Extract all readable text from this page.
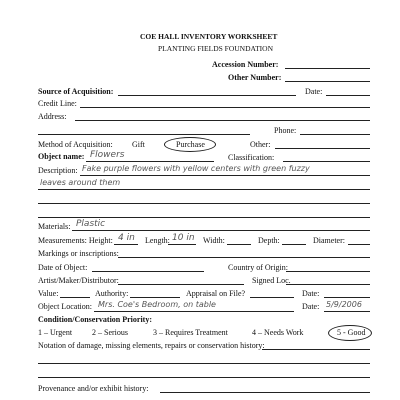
COE HALL INVENTORY WORKSHEET
PLANTING FIELDS FOUNDATION
Accession Number:
Other Number:
Source of Acquisition:	Date:
Credit Line:
Address:
Phone:
Method of Acquisition: Gift	Purchase	Other:
Object name: Flowers	Classification:
Description: Fake purple flowers with yellow centers with green fuzzy
leaves around them
Materials: Plastic
Measurements: Height: 4 in Length: 10 in Width:	Depth:	Diameter:
Markings or inscriptions:
Date of Object:	Country of Origin:
Artist/Maker/Distributor:	Signed Loc.
Value:	Authority:	Appraisal on File?	Date:
Object Location: Mrs. Coe's Bedroom, on table	Date: 5/9/2006
Condition/Conservation Priority:
1 – Urgent 2 – Serious	3 – Requires Treatment	4 – Needs Work	5 - Good
Notation of damage, missing elements, repairs or conservation history:
Provenance and/or exhibit history:
